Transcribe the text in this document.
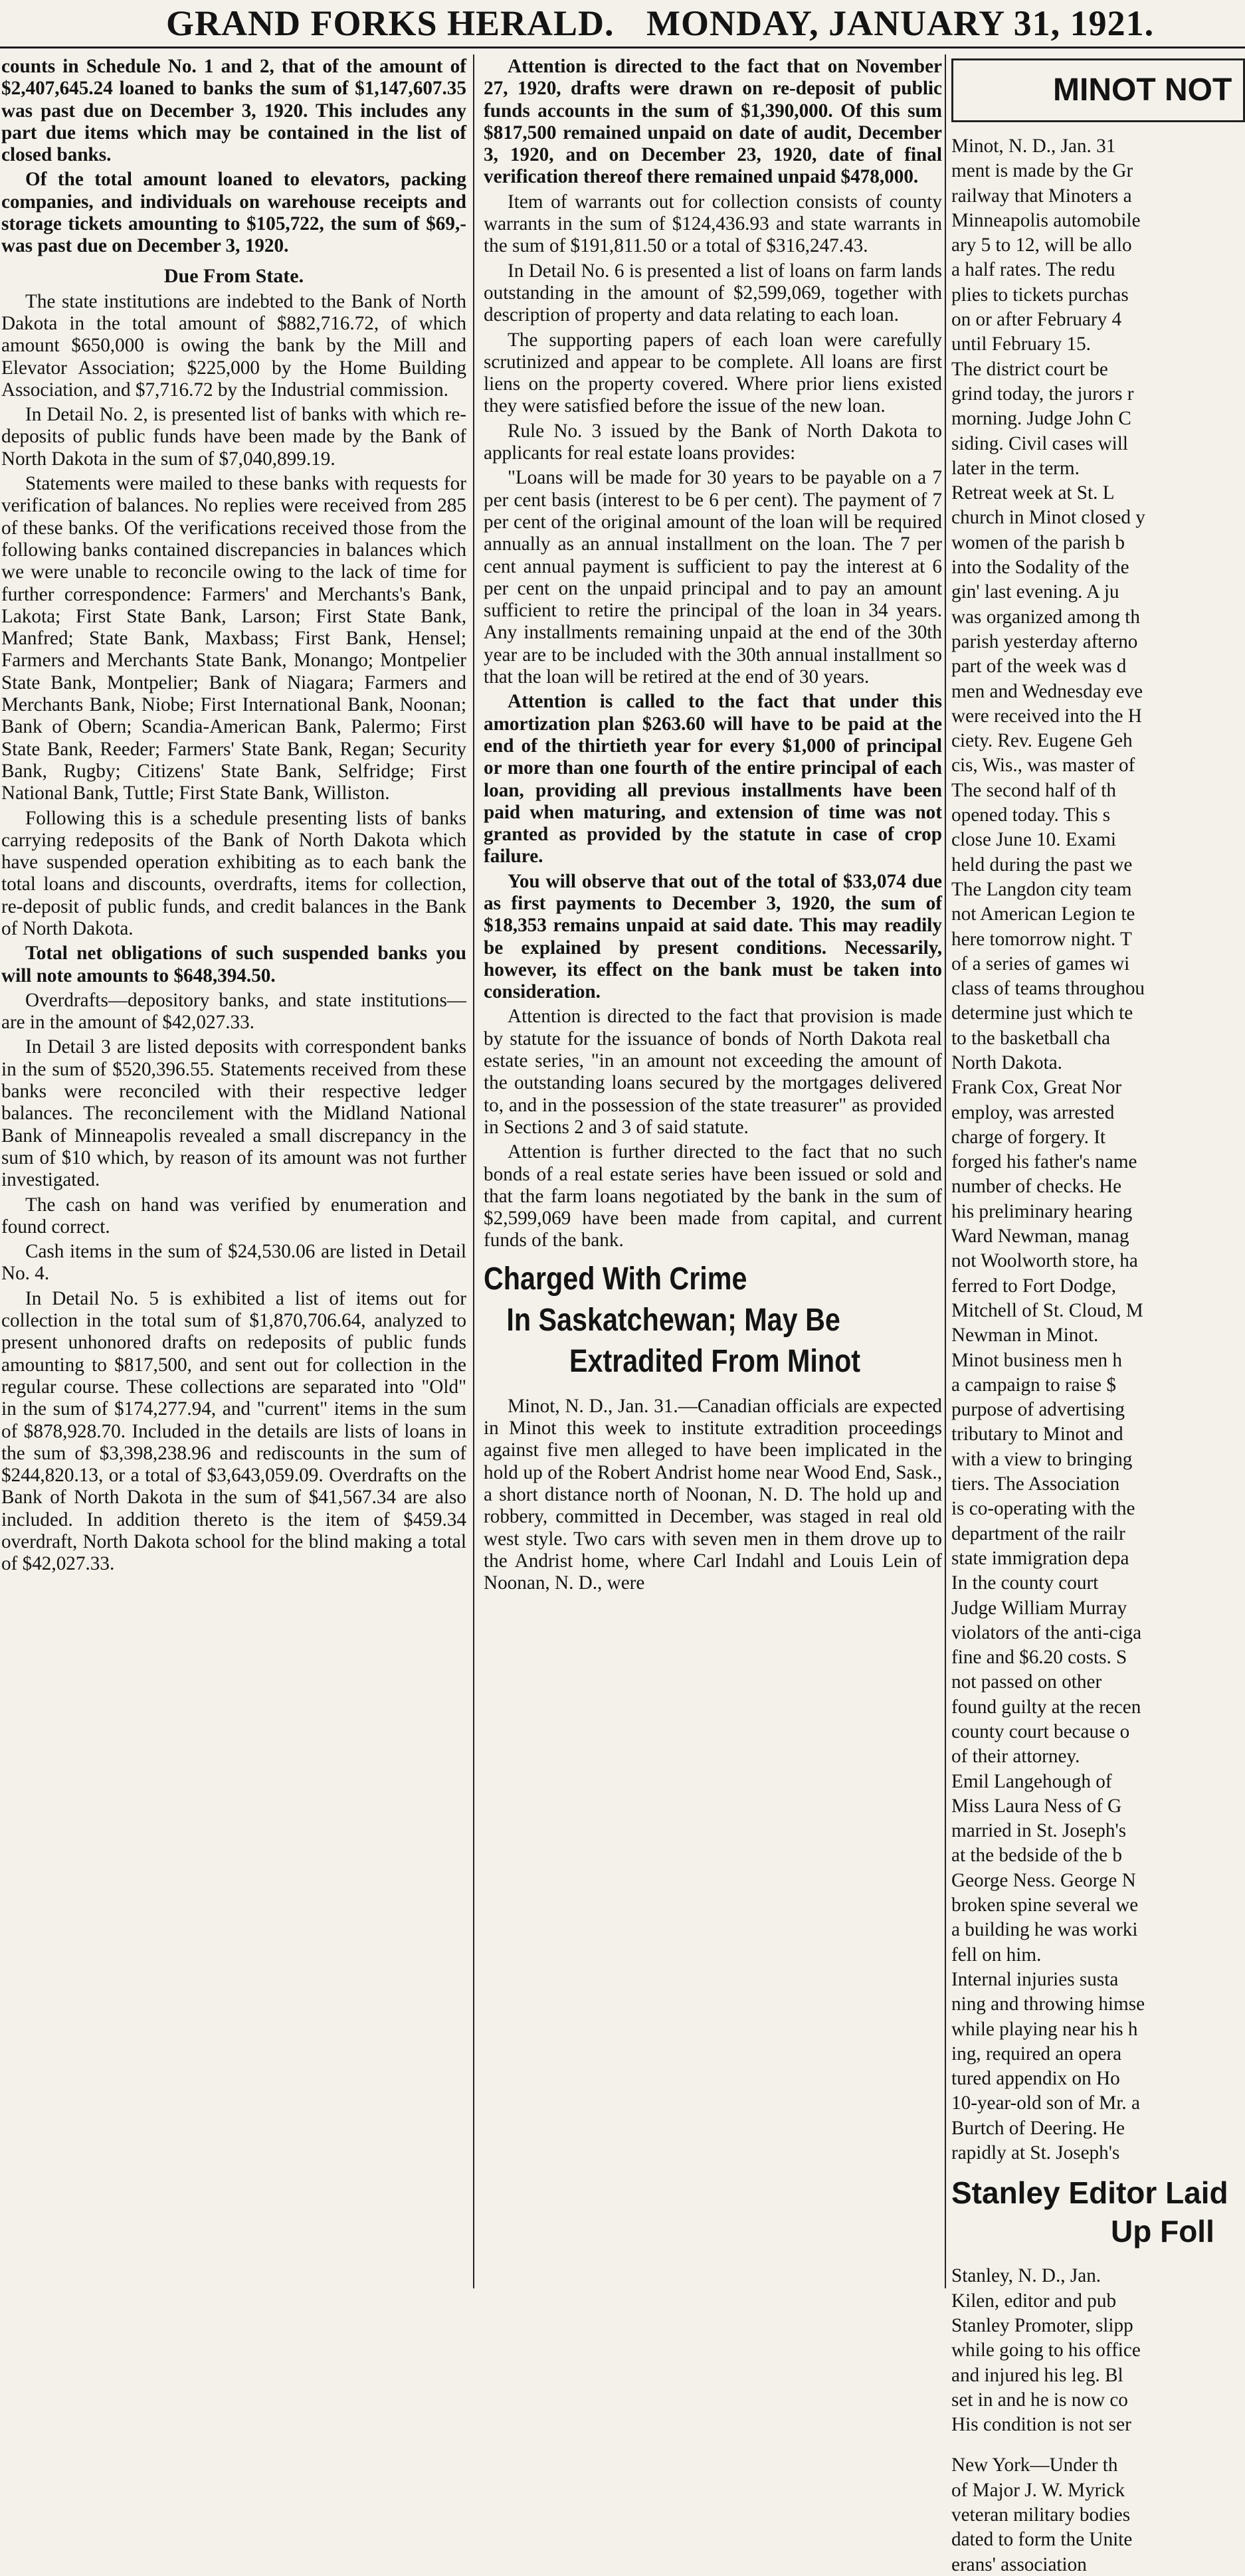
GRAND FORKS HERALD. MONDAY, JANUARY 31, 1921.

counts in Schedule No. 1 and 2, that of the amount of $2,407,645.24 loaned to banks the sum of $1,147,607.35 was past due on December 3, 1920. This includes any part due items which may be contained in the list of closed banks.

Of the total amount loaned to elevators, packing companies, and individuals on warehouse receipts and storage tickets amounting to $105,722, the sum of $69,- was past due on December 3, 1920.

Due From State.

The state institutions are indebted to the Bank of North Dakota in the total amount of $882,716.72, of which amount $650,000 is owing the bank by the Mill and Elevator Association; $225,000 by the Home Building Association, and $7,716.72 by the Industrial commission.

In Detail No. 2, is presented list of banks with which re-deposits of public funds have been made by the Bank of North Dakota in the sum of $7,040,899.19.

Statements were mailed to these banks with requests for verification of balances. No replies were received from 285 of these banks. Of the verifications received those from the following banks contained discrepancies in balances which we were unable to reconcile owing to the lack of time for further correspondence: Farmers' and Merchants's Bank, Lakota; First State Bank, Larson; First State Bank, Manfred; State Bank, Maxbass; First Bank, Hensel; Farmers and Merchants State Bank, Monango; Montpelier State Bank, Montpelier; Bank of Niagara; Farmers and Merchants Bank, Niobe; First International Bank, Noonan; Bank of Obern; Scandia-American Bank, Palermo; First State Bank, Reeder; Farmers' State Bank, Regan; Security Bank, Rugby; Citizens' State Bank, Selfridge; First National Bank, Tuttle; First State Bank, Williston.

Following this is a schedule presenting lists of banks carrying redeposits of the Bank of North Dakota which have suspended operation exhibiting as to each bank the total loans and discounts, overdrafts, items for collection, re-deposit of public funds, and credit balances in the Bank of North Dakota.

Total net obligations of such suspended banks you will note amounts to $648,394.50.

Overdrafts—depository banks, and state institutions—are in the amount of $42,027.33.

In Detail 3 are listed deposits with correspondent banks in the sum of $520,396.55. Statements received from these banks were reconciled with their respective ledger balances. The reconcilement with the Midland National Bank of Minneapolis revealed a small discrepancy in the sum of $10 which, by reason of its amount was not further investigated.

The cash on hand was verified by enumeration and found correct.

Cash items in the sum of $24,530.06 are listed in Detail No. 4.

In Detail No. 5 is exhibited a list of items out for collection in the total sum of $1,870,706.64, analyzed to present unhonored drafts on redeposits of public funds amounting to $817,500, and sent out for collection in the regular course. These collections are separated into "Old" in the sum of $174,277.94, and "current" items in the sum of $878,928.70. Included in the details are lists of loans in the sum of $3,398,238.96 and rediscounts in the sum of $244,820.13, or a total of $3,643,059.09. Overdrafts on the Bank of North Dakota in the sum of $41,567.34 are also included. In addition thereto is the item of $459.34 overdraft, North Dakota school for the blind making a total of $42,027.33.

Attention is directed to the fact that on November 27, 1920, drafts were drawn on re-deposit of public funds accounts in the sum of $1,390,000. Of this sum $817,500 remained unpaid on date of audit, December 3, 1920, and on December 23, 1920, date of final verification thereof there remained unpaid $478,000.

Item of warrants out for collection consists of county warrants in the sum of $124,436.93 and state warrants in the sum of $191,811.50 or a total of $316,247.43.

In Detail No. 6 is presented a list of loans on farm lands outstanding in the amount of $2,599,069, together with description of property and data relating to each loan.

The supporting papers of each loan were carefully scrutinized and appear to be complete. All loans are first liens on the property covered. Where prior liens existed they were satisfied before the issue of the new loan.

Rule No. 3 issued by the Bank of North Dakota to applicants for real estate loans provides:

"Loans will be made for 30 years to be payable on a 7 per cent basis (interest to be 6 per cent). The payment of 7 per cent of the original amount of the loan will be required annually as an annual installment on the loan. The 7 per cent annual payment is sufficient to pay the interest at 6 per cent on the unpaid principal and to pay an amount sufficient to retire the principal of the loan in 34 years. Any installments remaining unpaid at the end of the 30th year are to be included with the 30th annual installment so that the loan will be retired at the end of 30 years.

Attention is called to the fact that under this amortization plan $263.60 will have to be paid at the end of the thirtieth year for every $1,000 of principal or more than one fourth of the entire principal of each loan, providing all previous installments have been paid when maturing, and extension of time was not granted as provided by the statute in case of crop failure.

You will observe that out of the total of $33,074 due as first payments to December 3, 1920, the sum of $18,353 remains unpaid at said date. This may readily be explained by present conditions. Necessarily, however, its effect on the bank must be taken into consideration.

Attention is directed to the fact that provision is made by statute for the issuance of bonds of North Dakota real estate series, "in an amount not exceeding the amount of the outstanding loans secured by the mortgages delivered to, and in the possession of the state treasurer" as provided in Sections 2 and 3 of said statute.

Attention is further directed to the fact that no such bonds of a real estate series have been issued or sold and that the farm loans negotiated by the bank in the sum of $2,599,069 have been made from capital, and current funds of the bank.

Charged With Crime
In Saskatchewan; May Be
Extradited From Minot

Minot, N. D., Jan. 31.—Canadian officials are expected in Minot this week to institute extradition proceedings against five men alleged to have been implicated in the hold up of the Robert Andrist home near Wood End, Sask., a short distance north of Noonan, N. D. The hold up and robbery, committed in December, was staged in real old west style. Two cars with seven men in them drove up to the Andrist home, where Carl Indahl and Louis Lein of Noonan, N. D., were

MINOT NOT

Minot, N. D., Jan. 31

ment is made by the Gr

railway that Minoters a

Minneapolis automobile

ary 5 to 12, will be allo

a half rates. The redu

plies to tickets purchas

on or after February 4

until February 15.

The district court be

grind today, the jurors r

morning. Judge John C

siding. Civil cases will

later in the term.

Retreat week at St. L

church in Minot closed y

women of the parish b

into the Sodality of the

gin' last evening. A ju

was organized among th

parish yesterday afterno

part of the week was d

men and Wednesday eve

were received into the H

ciety. Rev. Eugene Geh

cis, Wis., was master of

The second half of th

opened today. This s

close June 10. Exami

held during the past we

The Langdon city team

not American Legion te

here tomorrow night. T

of a series of games wi

class of teams throughou

determine just which te

to the basketball cha

North Dakota.

Frank Cox, Great Nor

employ, was arrested

charge of forgery. It

forged his father's name

number of checks. He

his preliminary hearing

Ward Newman, manag

not Woolworth store, ha

ferred to Fort Dodge,

Mitchell of St. Cloud, M

Newman in Minot.

Minot business men h

a campaign to raise $

purpose of advertising

tributary to Minot and

with a view to bringing

tiers. The Association

is co-operating with the

department of the railr

state immigration depa

In the county court

Judge William Murray

violators of the anti-ciga

fine and $6.20 costs. S

not passed on other

found guilty at the recen

county court because o

of their attorney.

Emil Langehough of

Miss Laura Ness of G

married in St. Joseph's

at the bedside of the b

George Ness. George N

broken spine several we

a building he was worki

fell on him.

Internal injuries susta

ning and throwing himse

while playing near his h

ing, required an opera

tured appendix on Ho

10-year-old son of Mr. a

Burtch of Deering. He

rapidly at St. Joseph's

Stanley Editor Laid
Up Foll

Stanley, N. D., Jan.

Kilen, editor and pub

Stanley Promoter, slipp

while going to his office

and injured his leg. Bl

set in and he is now co

His condition is not ser

New York—Under th

of Major J. W. Myrick

veteran military bodies

dated to form the Unite

erans' association
